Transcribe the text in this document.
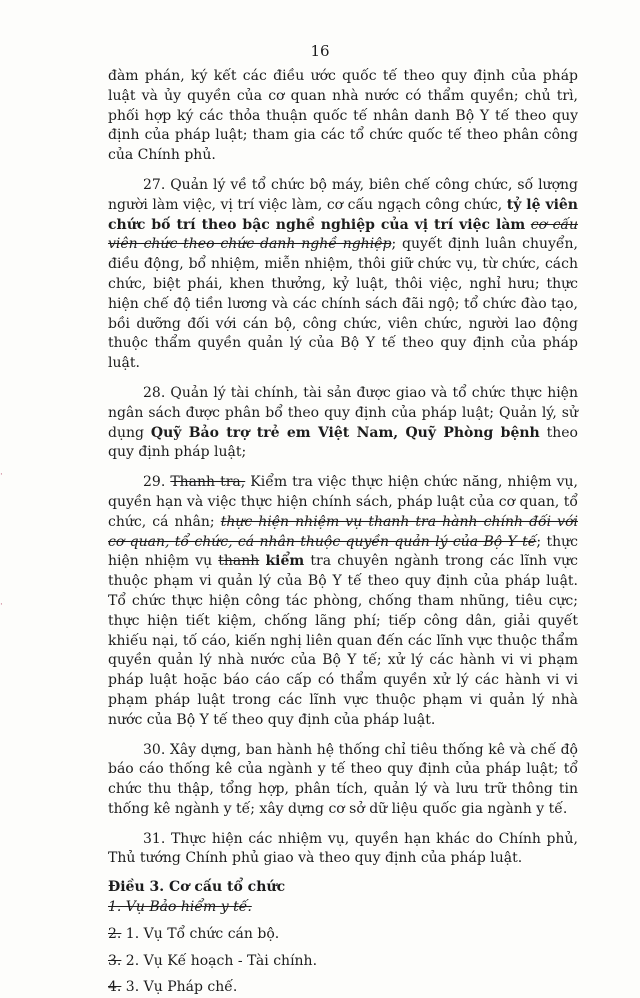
16

đàm phán, ký kết các điều ước quốc tế theo quy định của pháp luật và ủy quyền của cơ quan nhà nước có thẩm quyền; chủ trì, phối hợp ký các thỏa thuận quốc tế nhân danh Bộ Y tế theo quy định của pháp luật; tham gia các tổ chức quốc tế theo phân công của Chính phủ.

27. Quản lý về tổ chức bộ máy, biên chế công chức, số lượng người làm việc, vị trí việc làm, cơ cấu ngạch công chức, tỷ lệ viên chức bố trí theo bậc nghề nghiệp của vị trí việc làm cơ cấu viên chức theo chức danh nghề nghiệp; quyết định luân chuyển, điều động, bổ nhiệm, miễn nhiệm, thôi giữ chức vụ, từ chức, cách chức, biệt phái, khen thưởng, kỷ luật, thôi việc, nghỉ hưu; thực hiện chế độ tiền lương và các chính sách đãi ngộ; tổ chức đào tạo, bồi dưỡng đối với cán bộ, công chức, viên chức, người lao động thuộc thẩm quyền quản lý của Bộ Y tế theo quy định của pháp luật.

28. Quản lý tài chính, tài sản được giao và tổ chức thực hiện ngân sách được phân bổ theo quy định của pháp luật; Quản lý, sử dụng Quỹ Bảo trợ trẻ em Việt Nam, Quỹ Phòng bệnh theo quy định pháp luật;

29. Thanh tra, Kiểm tra việc thực hiện chức năng, nhiệm vụ, quyền hạn và việc thực hiện chính sách, pháp luật của cơ quan, tổ chức, cá nhân; thực hiện nhiệm vụ thanh tra hành chính đối với cơ quan, tổ chức, cá nhân thuộc quyền quản lý của Bộ Y tế; thực hiện nhiệm vụ thanh kiểm tra chuyên ngành trong các lĩnh vực thuộc phạm vi quản lý của Bộ Y tế theo quy định của pháp luật. Tổ chức thực hiện công tác phòng, chống tham nhũng, tiêu cực; thực hiện tiết kiệm, chống lãng phí; tiếp công dân, giải quyết khiếu nại, tố cáo, kiến nghị liên quan đến các lĩnh vực thuộc thẩm quyền quản lý nhà nước của Bộ Y tế; xử lý các hành vi vi phạm pháp luật hoặc báo cáo cấp có thẩm quyền xử lý các hành vi vi phạm pháp luật trong các lĩnh vực thuộc phạm vi quản lý nhà nước của Bộ Y tế theo quy định của pháp luật.

30. Xây dựng, ban hành hệ thống chỉ tiêu thống kê và chế độ báo cáo thống kê của ngành y tế theo quy định của pháp luật; tổ chức thu thập, tổng hợp, phân tích, quản lý và lưu trữ thông tin thống kê ngành y tế; xây dựng cơ sở dữ liệu quốc gia ngành y tế.

31. Thực hiện các nhiệm vụ, quyền hạn khác do Chính phủ, Thủ tướng Chính phủ giao và theo quy định của pháp luật.

Điều 3. Cơ cấu tổ chức

1. Vụ Bảo hiểm y tế.

2. 1. Vụ Tổ chức cán bộ.

3. 2. Vụ Kế hoạch - Tài chính.

4. 3. Vụ Pháp chế.

·
·
